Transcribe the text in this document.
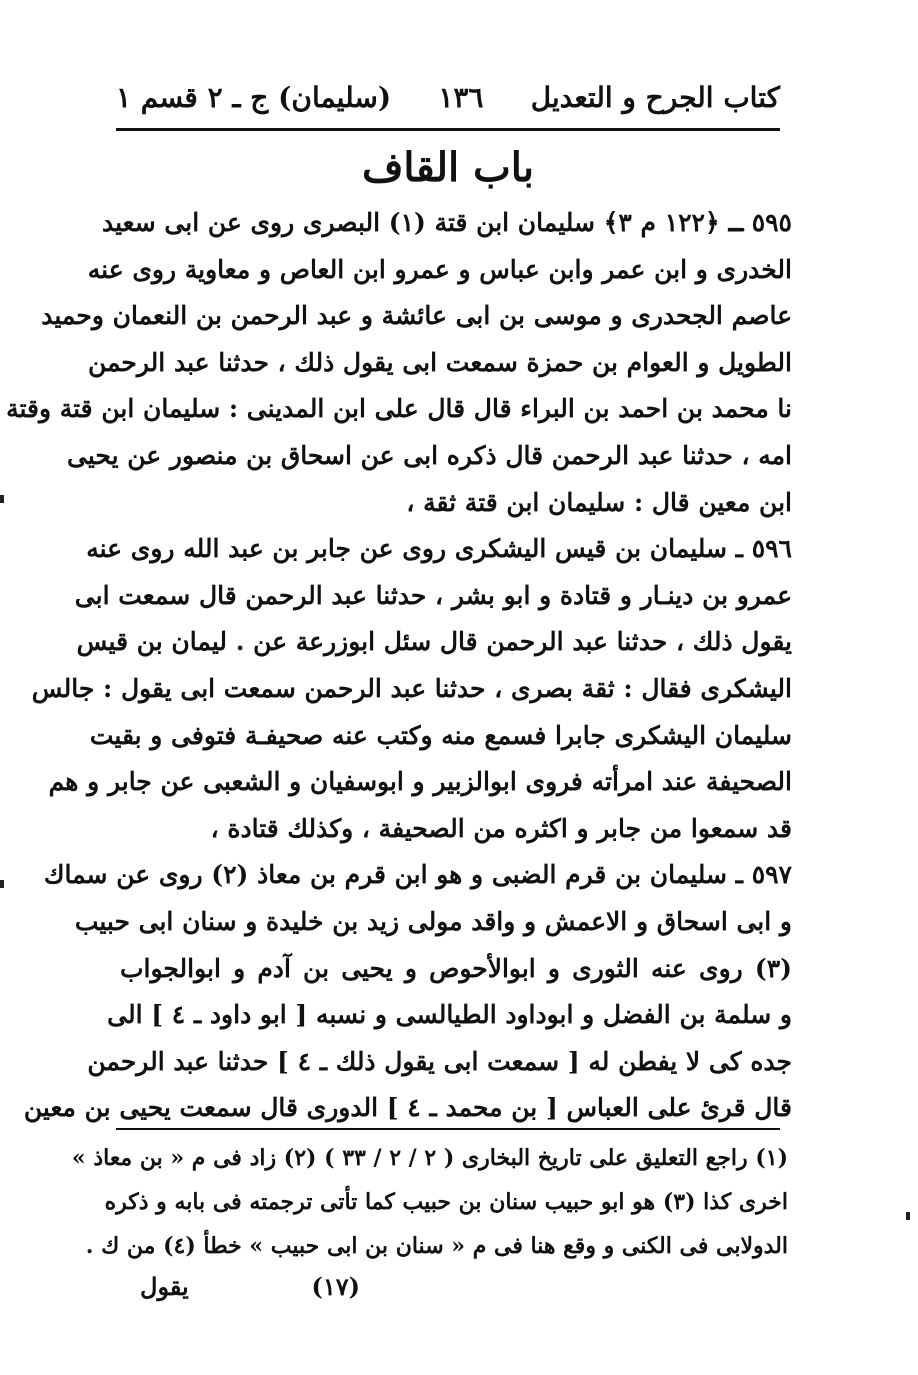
كتاب الجرح و التعديل
١٣٦
(سليمان) ج ـ ٢ قسم ١
باب القاف
٥٩٥ ـ ﴿١٢٢ م ٣﴾ سليمان ابن قتة (١) البصرى روى عن ابى سعيد
الخدرى و ابن عمر وابن عباس و عمرو ابن العاص و معاوية روى عنه
عاصم الجحدرى و موسى بن ابى عائشة و عبد الرحمن بن النعمان وحميد
الطويل و العوام بن حمزة سمعت ابى يقول ذلك ، حدثنا عبد الرحمن
نا محمد بن احمد بن البراء قال قال على ابن المدينى : سليمان ابن قتة وقتة
امه ، حدثنا عبد الرحمن قال ذكره ابى عن اسحاق بن منصور عن يحيى
ابن معين قال : سليمان ابن قتة ثقة ،
٥٩٦ ـ سليمان بن قيس اليشكرى روى عن جابر بن عبد الله روى عنه
عمرو بن دينـار و قتادة و ابو بشر ، حدثنا عبد الرحمن قال سمعت ابى
يقول ذلك ، حدثنا عبد الرحمن قال سئل ابوزرعة عن . ليمان بن قيس
اليشكرى فقال : ثقة بصرى ، حدثنا عبد الرحمن سمعت ابى يقول : جالس
سليمان اليشكرى جابرا فسمع منه وكتب عنه صحيفـة فتوفى و بقيت
الصحيفة عند امرأته فروى ابوالزبير و ابوسفيان و الشعبى عن جابر و هم
قد سمعوا من جابر و اكثره من الصحيفة ، وكذلك قتادة ،
٥٩٧ ـ سليمان بن قرم الضبى و هو ابن قرم بن معاذ (٢) روى عن سماك
و ابى اسحاق و الاعمش و واقد مولى زيد بن خليدة و سنان ابى حبيب
(٣) روى عنه الثورى و ابوالأحوص و يحيى بن آدم و ابوالجواب
و سلمة بن الفضل و ابوداود الطيالسى و نسبه [ ابو داود ـ ٤ ] الى
جده كى لا يفطن له [ سمعت ابى يقول ذلك ـ ٤ ] حدثنا عبد الرحمن
قال قرئ على العباس [ بن محمد ـ ٤ ] الدورى قال سمعت يحيى بن معين
(١) راجع التعليق على تاريخ البخارى ( ٢ / ٢ / ٣٣ ) (٢) زاد فى م « بن معاذ »
اخرى كذا (٣) هو ابو حبيب سنان بن حبيب كما تأتى ترجمته فى بابه و ذكره
الدولابى فى الكنى و وقع هنا فى م « سنان بن ابى حبيب » خطأ (٤) من ك .
(١٧)
يقول
